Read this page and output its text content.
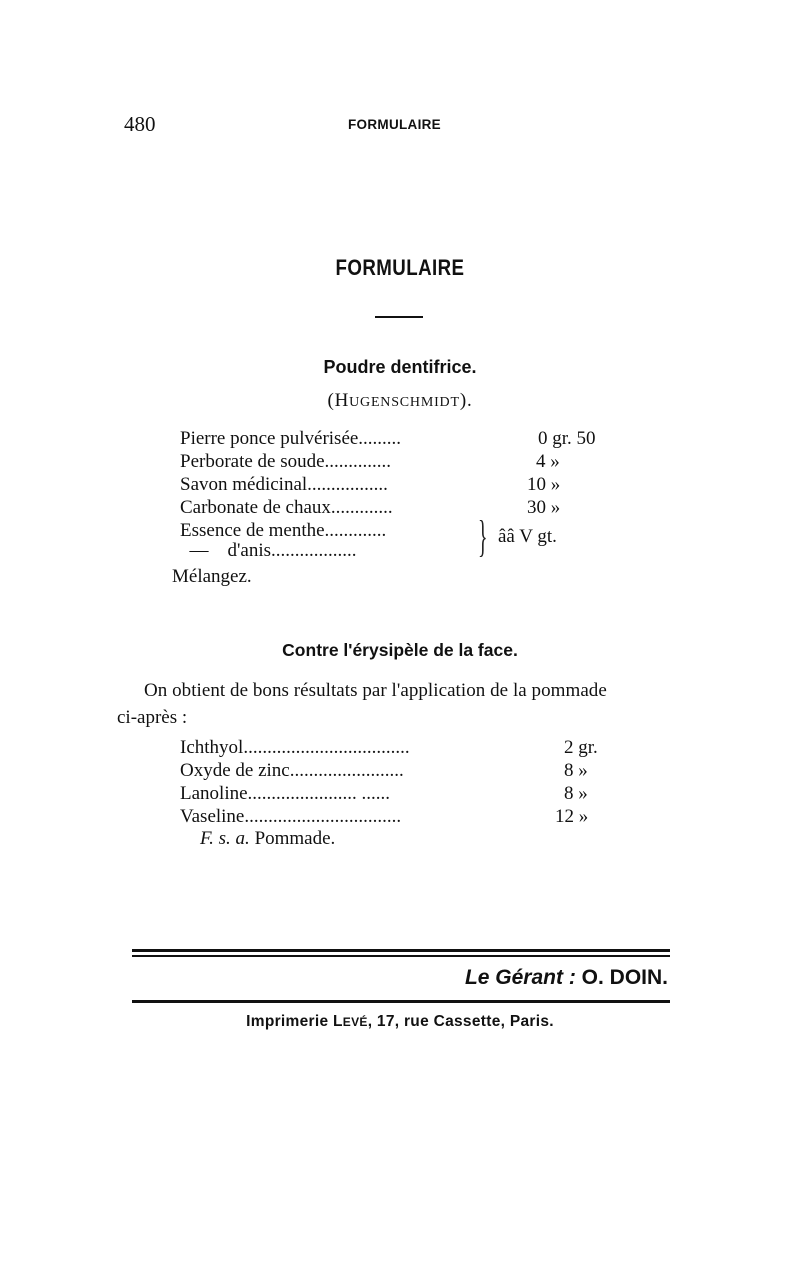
480	FORMULAIRE
FORMULAIRE
Poudre dentifrice.
(HUGENSCHMIDT).
Pierre ponce pulvérisée.........	0 gr. 50
Perborate de soude..............	4 »
Savon médicinal.................	10 »
Carbonate de chaux.............	30 »
Essence de menthe.............
—    d'anis..................	} ââ V gt.
Mélangez.
Contre l'érysipèle de la face.
On obtient de bons résultats par l'application de la pommade
ci-après :
Ichthyol...................................	2 gr.
Oxyde de zinc........................	8 »
Lanoline....................... ......	8 »
Vaseline.................................	12 »
F. s. a. Pommade.
Le Gérant : O. DOIN.
Imprimerie LEVÉ, 17, rue Cassette, Paris.
